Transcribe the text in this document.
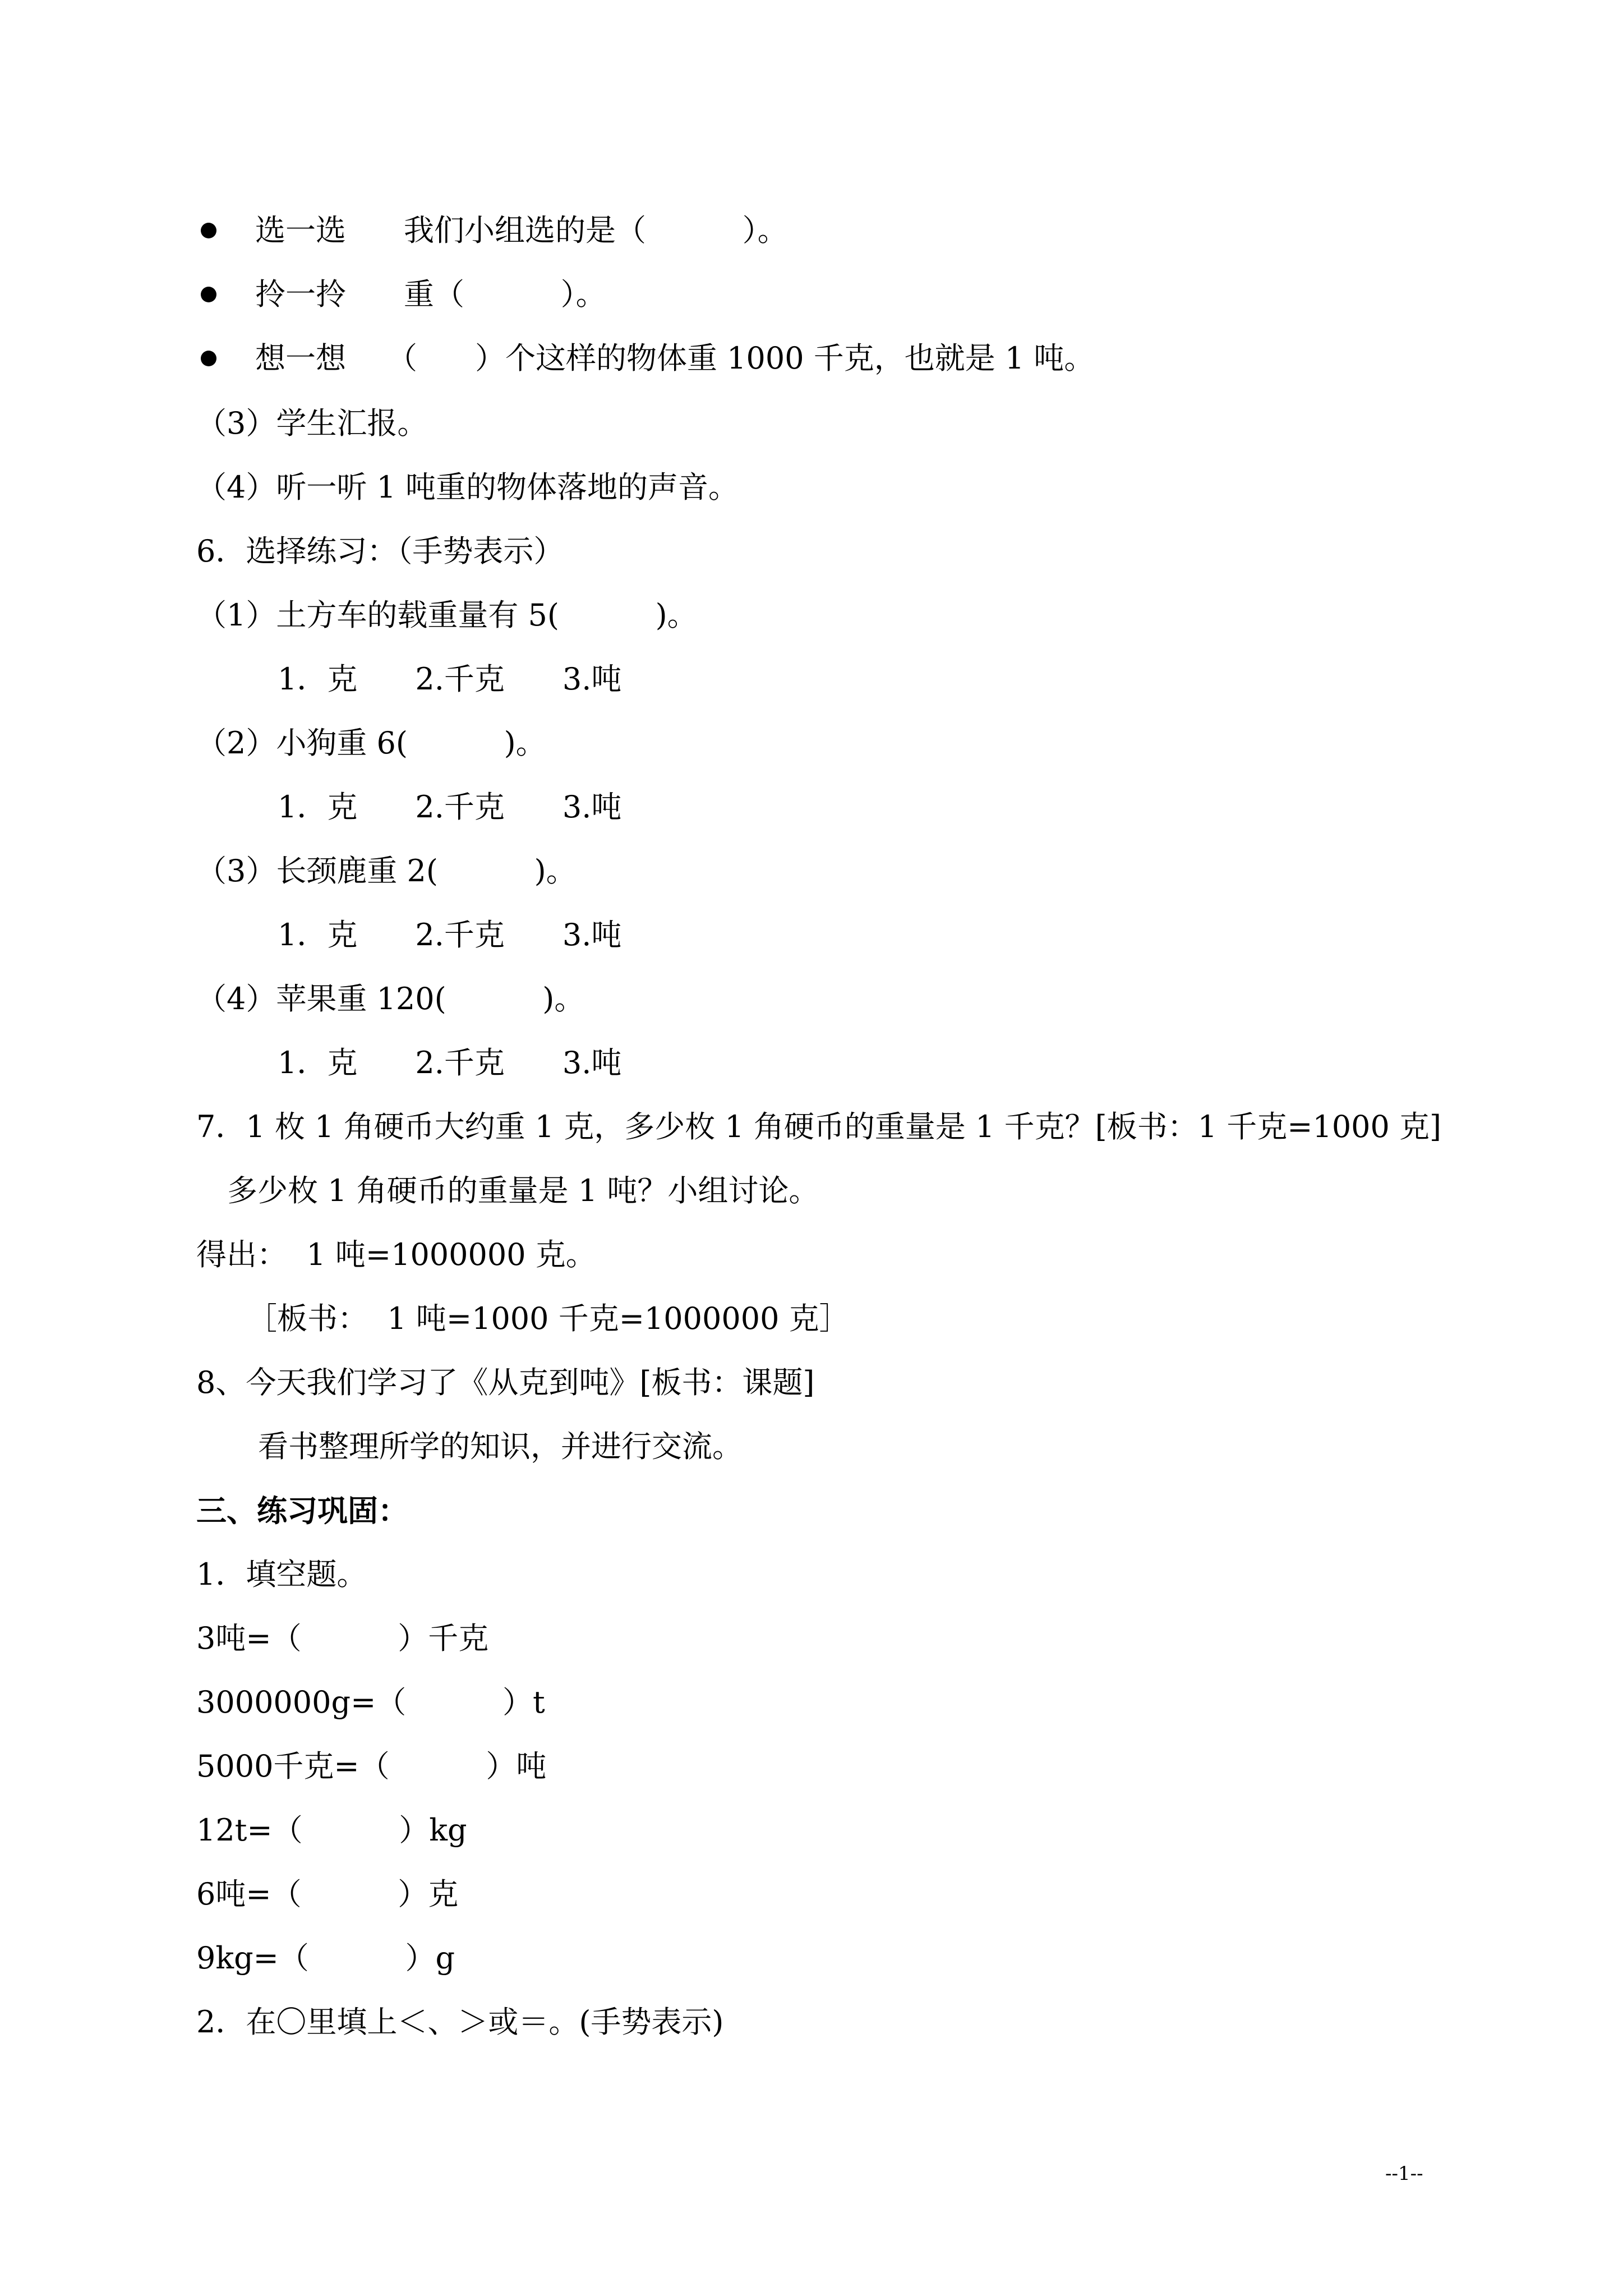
选一选 我们小组选的是（          ）。
拎一拎 重（          ）。
想一想 （      ）个这样的物体重 1000 千克，也就是 1 吨。

（3）学生汇报。

（4）听一听 1 吨重的物体落地的声音。

6．选择练习：（手势表示）

（1）土方车的载重量有 5(          )。

1．克      2.千克      3.吨

（2）小狗重 6(          )。

1．克      2.千克      3.吨

（3）长颈鹿重 2(          )。

1．克      2.千克      3.吨

（4）苹果重 120(          )。

1．克      2.千克      3.吨

7．1 枚 1 角硬币大约重 1 克，多少枚 1 角硬币的重量是 1 千克？[板书：1 千克=1000 克]

多少枚 1 角硬币的重量是 1 吨？小组讨论。

得出：  1 吨=1000000 克。

［板书：  1 吨=1000 千克=1000000 克］

8、今天我们学习了《从克到吨》[板书：课题]

看书整理所学的知识，并进行交流。

三、练习巩固：

1．填空题。

3吨=（          ）千克

3000000g=（          ）t

5000千克=（          ）吨

12t=（          ）kg

6吨=（          ）克

9kg=（          ）g

2．在〇里填上＜、＞或＝。(手势表示)

--1--
